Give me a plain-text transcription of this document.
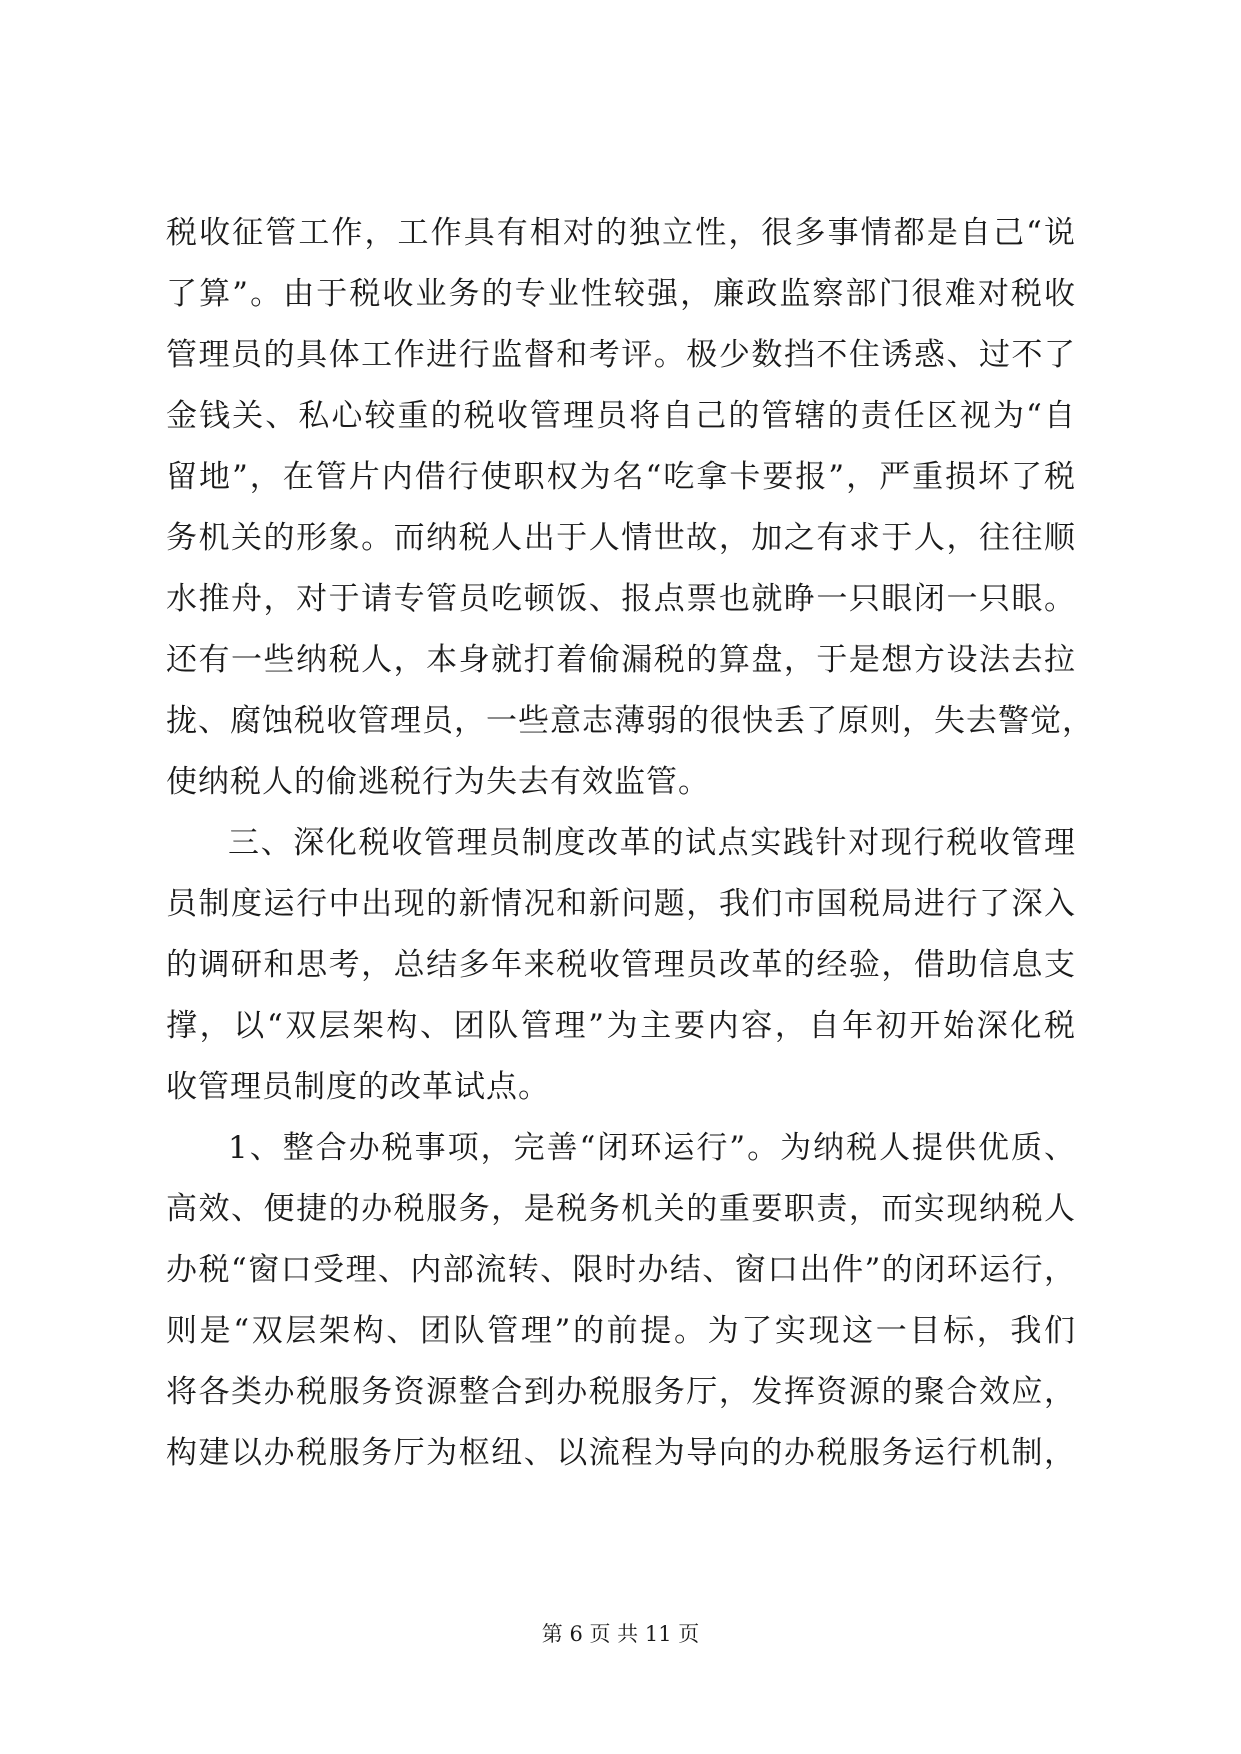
税收征管工作，工作具有相对的独立性，很多事情都是自己“说
了算”。由于税收业务的专业性较强，廉政监察部门很难对税收
管理员的具体工作进行监督和考评。极少数挡不住诱惑、过不了
金钱关、私心较重的税收管理员将自己的管辖的责任区视为“自
留地”，在管片内借行使职权为名“吃拿卡要报”，严重损坏了税
务机关的形象。而纳税人出于人情世故，加之有求于人，往往顺
水推舟，对于请专管员吃顿饭、报点票也就睁一只眼闭一只眼。
还有一些纳税人，本身就打着偷漏税的算盘，于是想方设法去拉
拢、腐蚀税收管理员，一些意志薄弱的很快丢了原则，失去警觉，
使纳税人的偷逃税行为失去有效监管。
三、深化税收管理员制度改革的试点实践针对现行税收管理
员制度运行中出现的新情况和新问题，我们市国税局进行了深入
的调研和思考，总结多年来税收管理员改革的经验，借助信息支
撑，以“双层架构、团队管理”为主要内容，自年初开始深化税
收管理员制度的改革试点。
1、整合办税事项，完善“闭环运行”。为纳税人提供优质、
高效、便捷的办税服务，是税务机关的重要职责，而实现纳税人
办税“窗口受理、内部流转、限时办结、窗口出件”的闭环运行，
则是“双层架构、团队管理”的前提。为了实现这一目标，我们
将各类办税服务资源整合到办税服务厅，发挥资源的聚合效应，
构建以办税服务厅为枢纽、以流程为导向的办税服务运行机制，
第 6 页 共 11 页
